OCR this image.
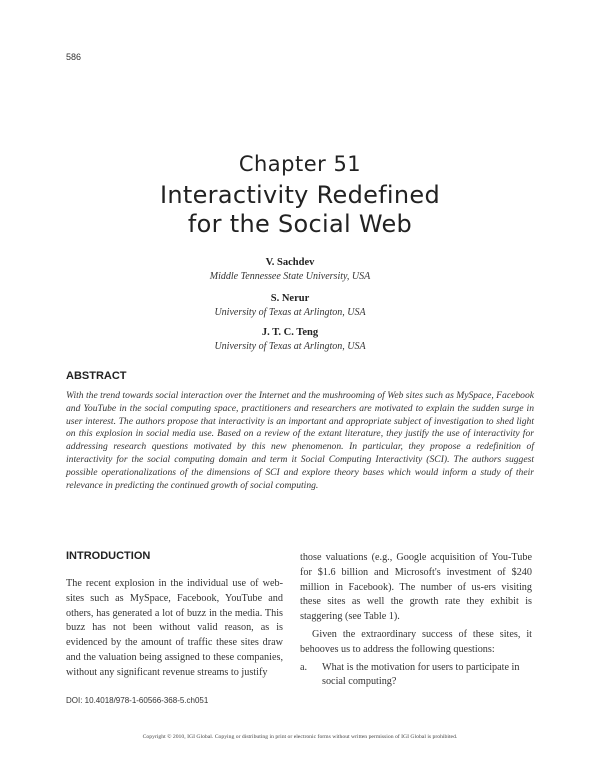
586
Chapter 51
Interactivity Redefined
for the Social Web
V. Sachdev
Middle Tennessee State University, USA
S. Nerur
University of Texas at Arlington, USA
J. T. C. Teng
University of Texas at Arlington, USA
ABSTRACT
With the trend towards social interaction over the Internet and the mushrooming of Web sites such as MySpace, Facebook and YouTube in the social computing space, practitioners and researchers are motivated to explain the sudden surge in user interest. The authors propose that interactivity is an important and appropriate subject of investigation to shed light on this explosion in social media use. Based on a review of the extant literature, they justify the use of interactivity for addressing research questions motivated by this new phenomenon. In particular, they propose a redefinition of interactivity for the social computing domain and term it Social Computing Interactivity (SCI). The authors suggest possible operationalizations of the dimensions of SCI and explore theory bases which would inform a study of their relevance in predicting the continued growth of social computing.
INTRODUCTION
The recent explosion in the individual use of web-sites such as MySpace, Facebook, YouTube and others, has generated a lot of buzz in the media. This buzz has not been without valid reason, as is evidenced by the amount of traffic these sites draw and the valuation being assigned to these companies, without any significant revenue streams to justify

those valuations (e.g., Google acquisition of You-Tube for $1.6 billion and Microsoft's investment of $240 million in Facebook). The number of us-ers visiting these sites as well the growth rate they exhibit is staggering (see Table 1).

Given the extraordinary success of these sites, it behooves us to address the following questions:

a.	What is the motivation for users to participate in social computing?
DOI: 10.4018/978-1-60566-368-5.ch051
Copyright © 2010, IGI Global. Copying or distributing in print or electronic forms without written permission of IGI Global is prohibited.
